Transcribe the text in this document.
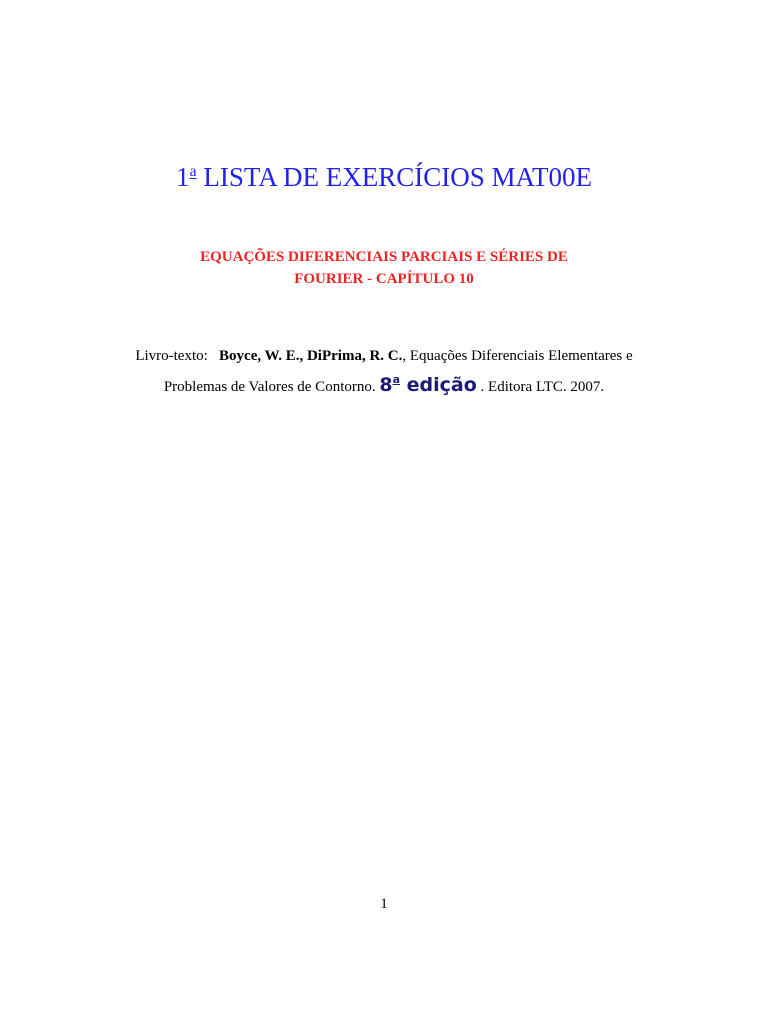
1$^a$ LISTA DE EXERCÍCIOS MAT00E
EQUAÇÕES DIFERENCIAIS PARCIAIS E SÉRIES DE
FOURIER - CAPÍTULO 10
Livro-texto: Boyce, W. E., DiPrima, R. C., Equações Diferenciais Elementares e Problemas de Valores de Contorno. 8$^a$ edição . Editora LTC. 2007.
1
